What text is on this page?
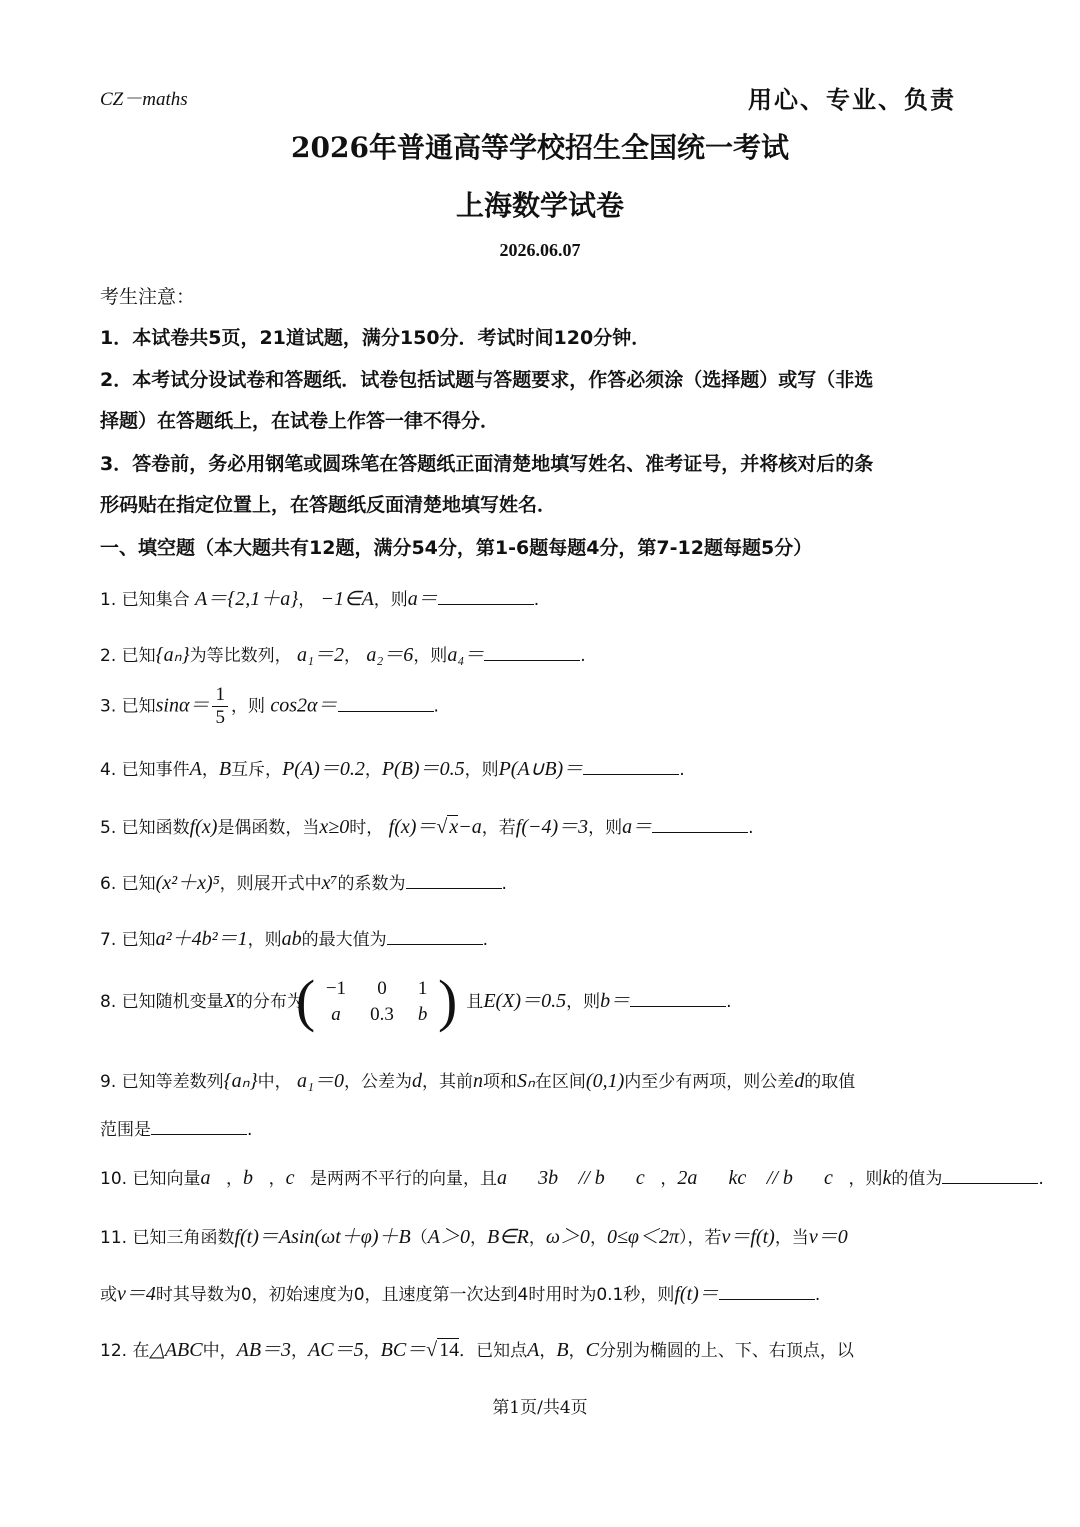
CZ－maths	用心、专业、负责
2026年普通高等学校招生全国统一考试
上海数学试卷
2026.06.07
考生注意：
1．本试卷共5页，21道试题，满分150分．考试时间120分钟．
2．本考试分设试卷和答题纸．试卷包括试题与答题要求，作答必须涂（选择题）或写（非选
择题）在答题纸上，在试卷上作答一律不得分．
3．答卷前，务必用钢笔或圆珠笔在答题纸正面清楚地填写姓名、准考证号，并将核对后的条
形码贴在指定位置上，在答题纸反面清楚地填写姓名．
一、填空题（本大题共有12题，满分54分，第1-6题每题4分，第7-12题每题5分）
1. 已知集合 A＝{2,1＋a}， −1∈A，则a＝	.
2. 已知{aₙ}为等比数列， a₁＝2， a₂＝6，则a₄＝	.
3. 已知$\sin\alpha= \frac{1}{5}$ ，则 cos2α＝	.
4. 已知事件A，B互斥，P(A)＝0.2，P(B)＝0.5，则P(A∪B)＝	.
5. 已知函数f(x)是偶函数，当x≥0时， f(x)＝√ x−a，若f(−4)＝3，则a＝	.
6. 已知(x²＋x)⁵，则展开式中x⁷的系数为	.
7. 已知a²＋4b²＝1，则ab的最大值为	.
8. 已知随机变量X的分布为
( −1	0	1
a	0.3	b )
，且E(X)＝0.5，则b＝	.
9. 已知等差数列{aₙ}中， a₁＝0，公差为d，其前n项和Sₙ在区间(0,1)内至少有两项，则公差d的取值
范围是	.
10. 已知向量a⃗，b⃗，c⃗是两两不平行的向量，且a⃗＋3b⃗ // b⃗＋c⃗，2a⃗＋kc⃗ // b⃗＋c⃗，则k的值为	.
11. 已知三角函数f(t)＝Asin(ωt＋φ)＋B（A＞0，B∈R，ω＞0，0≤φ＜2π），若v＝f(t)，当v＝0
或v＝4时其导数为0，初始速度为0，且速度第一次达到4时用时为0.1秒，则f(t)＝	.
12. 在△ABC中，AB＝3，AC＝5，BC＝√ 14．已知点A，B，C分别为椭圆的上、下、右顶点，以
第1页/共4页
